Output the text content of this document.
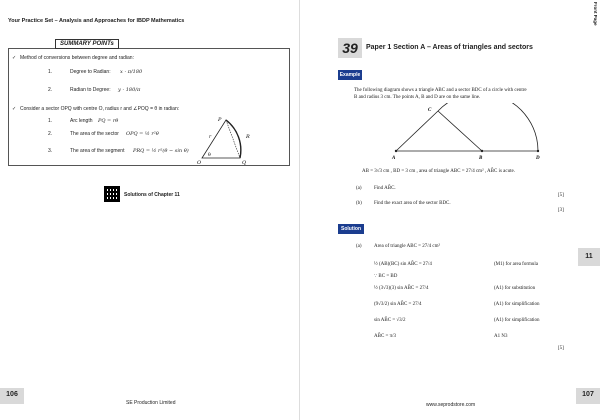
Your Practice Set – Analysis and Approaches for IBDP Mathematics
SUMMARY POINTs
✓ Method of conversions between degree and radian:
1.	Degree to Radian: x ⋅ π/180
2.	Radian to Degree: y ⋅ 180/π
✓ Consider a sector OPQ with centre O, radius r and ∠POQ = θ in radian:
1.	Arc length PQ = rθ
2.	The area of the sector OPQ = ½ r²θ
3.	The area of the segment PRQ = ½ r²(θ − sin θ)
P
Q
O
R
θ
r
Solutions of Chapter 11
106
SE Production Limited
Front Page
39	Paper 1 Section A – Areas of triangles and sectors
Example
The following diagram shows a triangle ABC and a sector BDC of a circle with centre
B and radius 3 cm. The points A, B and D are on the same line.
C
A	B	D
AB = 3√3 cm , BD = 3 cm , area of triangle ABC = 27/4 cm² , AB̂C is acute.
(a) Find AB̂C.
[5]
(b) Find the exact area of the sector BDC.
[3]
Solution
(a) Area of triangle ABC = 27/4 cm²
½ (AB)(BC) sin AB̂C = 27/4	(M1) for area formula
∵ BC = BD
½ (3√3)(3) sin AB̂C = 27/4	(A1) for substitution
(9√3/2) sin AB̂C = 27/4	(A1) for simplification
sin AB̂C = √3/2	(A1) for simplification
AB̂C = π/3	A1 N3
[5]
11
107
www.seprodstore.com
